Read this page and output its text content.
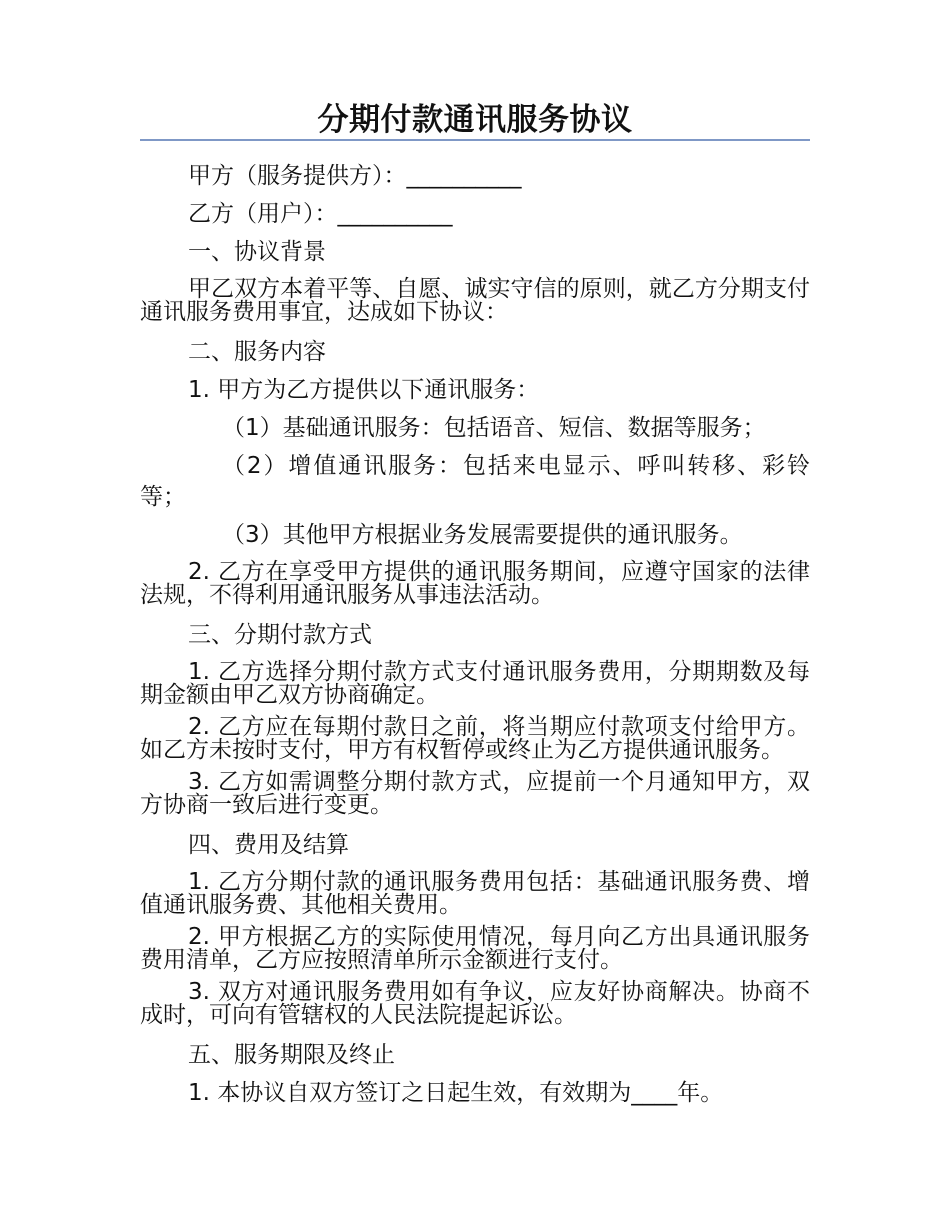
分期付款通讯服务协议

甲方（服务提供方）：__________

乙方（用户）：__________

一、协议背景

甲乙双方本着平等、自愿、诚实守信的原则，就乙方分期支付通讯服务费用事宜，达成如下协议：

二、服务内容

1. 甲方为乙方提供以下通讯服务：

（1）基础通讯服务：包括语音、短信、数据等服务；

（2）增值通讯服务：包括来电显示、呼叫转移、彩铃等；

（3）其他甲方根据业务发展需要提供的通讯服务。

2. 乙方在享受甲方提供的通讯服务期间，应遵守国家的法律法规，不得利用通讯服务从事违法活动。

三、分期付款方式

1. 乙方选择分期付款方式支付通讯服务费用，分期期数及每期金额由甲乙双方协商确定。

2. 乙方应在每期付款日之前，将当期应付款项支付给甲方。如乙方未按时支付，甲方有权暂停或终止为乙方提供通讯服务。

3. 乙方如需调整分期付款方式，应提前一个月通知甲方，双方协商一致后进行变更。

四、费用及结算

1. 乙方分期付款的通讯服务费用包括：基础通讯服务费、增值通讯服务费、其他相关费用。

2. 甲方根据乙方的实际使用情况，每月向乙方出具通讯服务费用清单，乙方应按照清单所示金额进行支付。

3. 双方对通讯服务费用如有争议，应友好协商解决。协商不成时，可向有管辖权的人民法院提起诉讼。

五、服务期限及终止

1. 本协议自双方签订之日起生效，有效期为____年。
